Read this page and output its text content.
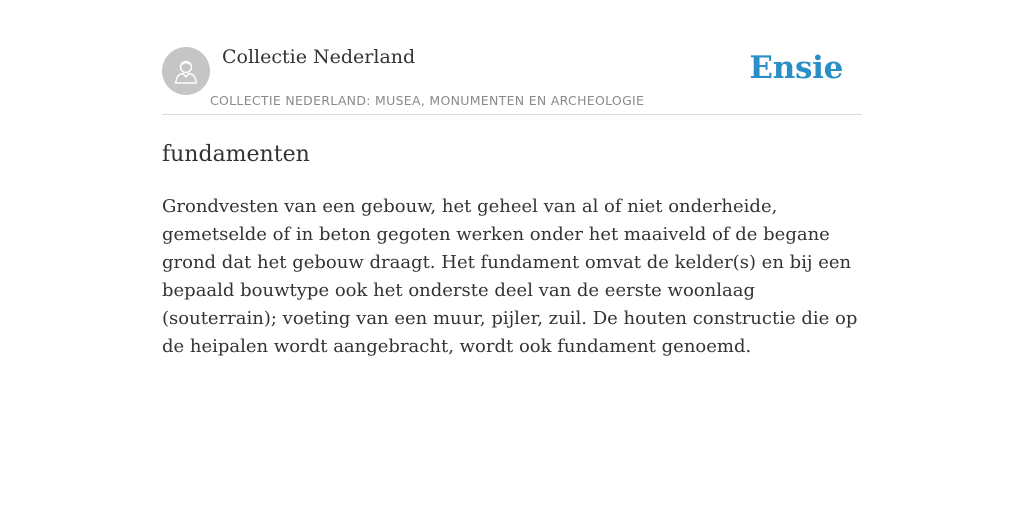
Collectie Nederland
COLLECTIE NEDERLAND: MUSEA, MONUMENTEN EN ARCHEOLOGIE
Ensie
fundamenten

Grondvesten van een gebouw, het geheel van al of niet onderheide, gemetselde of in beton gegoten werken onder het maaiveld of de begane grond dat het gebouw draagt. Het fundament omvat de kelder(s) en bij een bepaald bouwtype ook het onderste deel van de eerste woonlaag (souterrain); voeting van een muur, pijler, zuil. De houten constructie die op de heipalen wordt aangebracht, wordt ook fundament genoemd.
